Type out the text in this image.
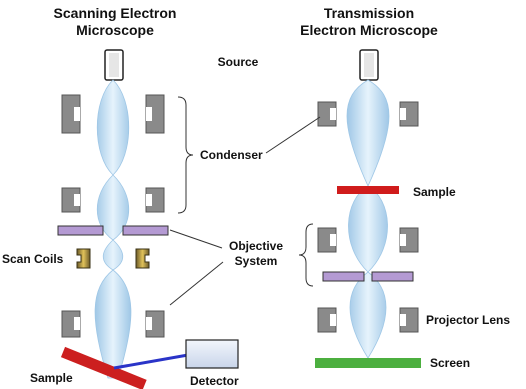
Scanning Electron
Microscope
Transmission
Electron Microscope
Source
Condenser
Objective
System
Scan Coils
Sample	Detector
Sample
Projector Lens
Screen
